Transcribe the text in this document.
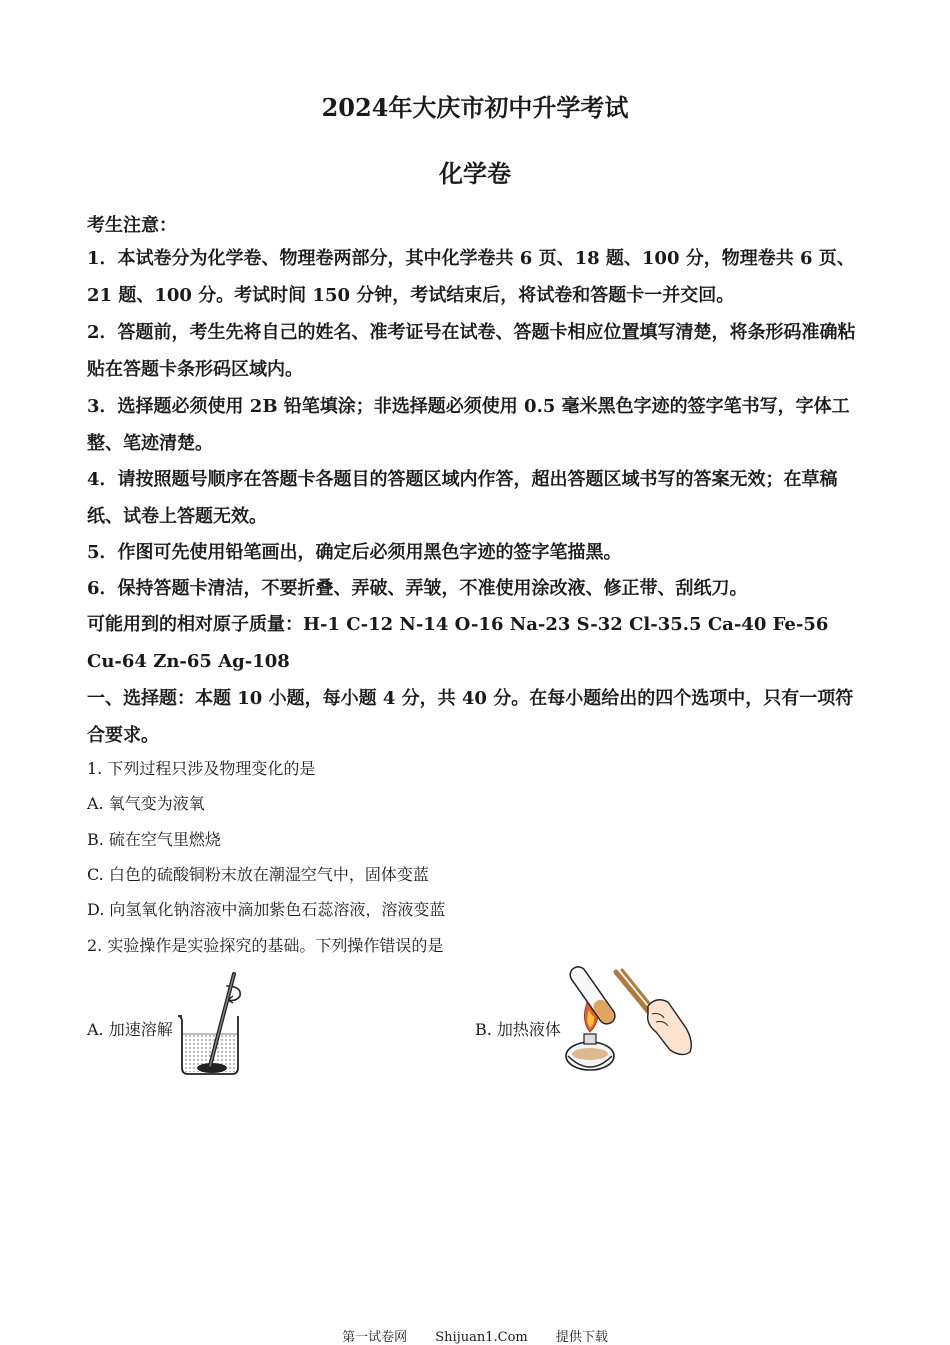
2024年大庆市初中升学考试
化学卷
考生注意：
1．本试卷分为化学卷、物理卷两部分，其中化学卷共 6 页、18 题、100 分，物理卷共 6 页、21 题、100 分。考试时间 150 分钟，考试结束后，将试卷和答题卡一并交回。
2．答题前，考生先将自己的姓名、准考证号在试卷、答题卡相应位置填写清楚，将条形码准确粘贴在答题卡条形码区域内。
3．选择题必须使用 2B 铅笔填涂；非选择题必须使用 0.5 毫米黑色字迹的签字笔书写，字体工整、笔迹清楚。
4．请按照题号顺序在答题卡各题目的答题区域内作答，超出答题区域书写的答案无效；在草稿纸、试卷上答题无效。
5．作图可先使用铅笔画出，确定后必须用黑色字迹的签字笔描黑。
6．保持答题卡清洁，不要折叠、弄破、弄皱，不准使用涂改液、修正带、刮纸刀。
可能用到的相对原子质量：H-1 C-12 N-14 O-16 Na-23 S-32 Cl-35.5 Ca-40 Fe-56 Cu-64 Zn-65 Ag-108
一、选择题：本题 10 小题，每小题 4 分，共 40 分。在每小题给出的四个选项中，只有一项符合要求。
1. 下列过程只涉及物理变化的是
A. 氧气变为液氧
B. 硫在空气里燃烧
C. 白色的硫酸铜粉末放在潮湿空气中，固体变蓝
D. 向氢氧化钠溶液中滴加紫色石蕊溶液，溶液变蓝
2. 实验操作是实验探究的基础。下列操作错误的是
A. 加速溶解	B. 加热液体
第一试卷网 Shijuan1.Com 提供下载
